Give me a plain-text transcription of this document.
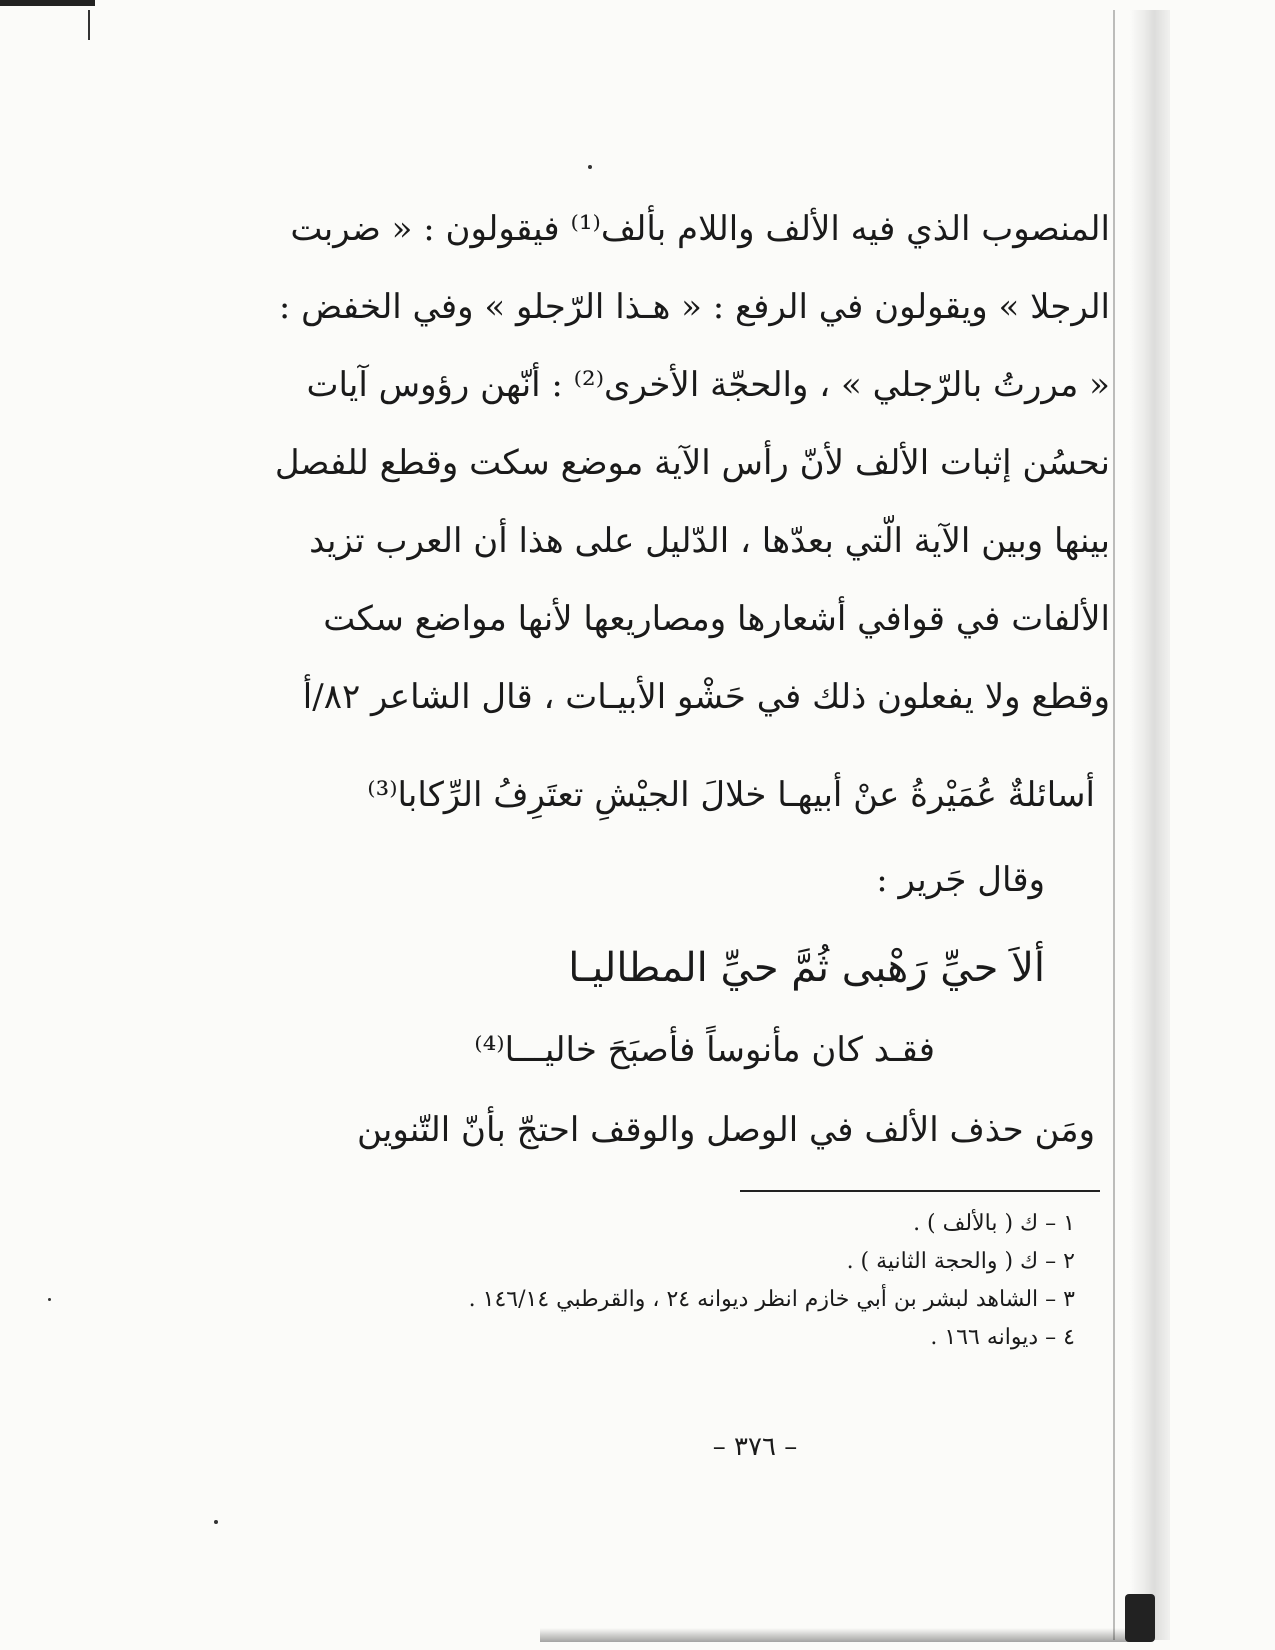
المنصوب الذي فيه الألف واللام بألف⁽¹⁾ فيقولون : « ضربت
الرجلا » ويقولون في الرفع : « هـذا الرّجلو » وفي الخفض :
« مررتُ بالرّجلي » ، والحجّة الأخرى⁽²⁾ : أنّهن رؤوس آيات
نحسُن إثبات الألف لأنّ رأس الآية موضع سكت وقطع للفصل
بينها وبين الآية الّتي بعدّها ، الدّليل على هذا أن العرب تزيد
الألفات في قوافي أشعارها ومصاريعها لأنها مواضع سكت
وقطع ولا يفعلون ذلك في حَشْو الأبيـات ، قال الشاعر ٨٢/أ
أسائلةٌ عُمَيْرةُ عنْ أبيهـا خلالَ الجيْشِ تعتَرِفُ الرِّكابا⁽³⁾
وقال جَرير :
ألاَ حيِّ رَهْبى ثُمَّ حيِّ المطاليـا
فقـد كان مأنوساً فأصبَحَ خاليـــا⁽⁴⁾
ومَن حذف الألف في الوصل والوقف احتجّ بأنّ التّنوين
١ – ك ( بالألف ) .
٢ – ك ( والحجة الثانية ) .
٣ – الشاهد لبشر بن أبي خازم انظر ديوانه ٢٤ ، والقرطبي ١٤٦/١٤ .
٤ – ديوانه ١٦٦ .
– ٣٧٦ –
